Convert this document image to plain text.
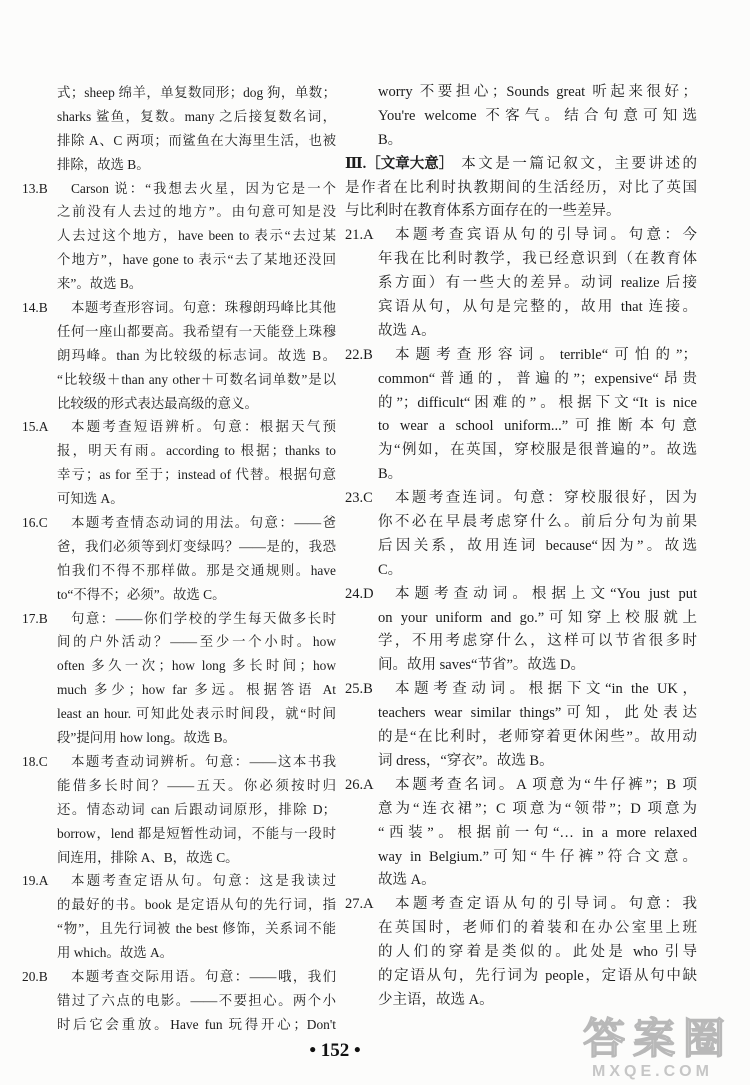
式；sheep 绵羊，单复数同形；dog 狗，单数；
sharks 鲨鱼，复数。many 之后接复数名词，
排除 A、C 两项；而鲨鱼在大海里生活，也被
排除，故选 B。
13.B	Carson 说：“我想去火星，因为它是一个
之前没有人去过的地方”。由句意可知是没
人去过这个地方，have been to 表示“去过某
个地方”，have gone to 表示“去了某地还没回
来”。故选 B。
14.B	本题考查形容词。句意：珠穆朗玛峰比其他
任何一座山都要高。我希望有一天能登上珠穆
朗玛峰。than 为比较级的标志词。故选 B。
“比较级＋than any other＋可数名词单数”是以
比较级的形式表达最高级的意义。
15.A	本题考查短语辨析。句意：根据天气预
报，明天有雨。according to 根据；thanks to
幸亏；as for 至于；instead of 代替。根据句意
可知选 A。
16.C	本题考查情态动词的用法。句意：——爸
爸，我们必须等到灯变绿吗？——是的，我恐
怕我们不得不那样做。那是交通规则。have
to“不得不；必须”。故选 C。
17.B	句意：——你们学校的学生每天做多长时
间的户外活动？——至少一个小时。how
often 多久一次；how long 多长时间；how
much 多少；how far 多远。根据答语 At
least an hour. 可知此处表示时间段，就“时间
段”提问用 how long。故选 B。
18.C	本题考查动词辨析。句意：——这本书我
能借多长时间？——五天。你必须按时归
还。情态动词 can 后跟动词原形，排除 D；
borrow，lend 都是短暂性动词，不能与一段时
间连用，排除 A、B，故选 C。
19.A	本题考查定语从句。句意：这是我读过
的最好的书。book 是定语从句的先行词，指
“物”，且先行词被 the best 修饰，关系词不能
用 which。故选 A。
20.B	本题考查交际用语。句意：——哦，我们
错过了六点的电影。——不要担心。两个小
时后它会重放。Have fun 玩得开心；Don't
worry 不要担心；Sounds great 听起来很好；
You're welcome 不客气。结合句意可知选
B。
Ⅲ. ［文章大意］ 本文是一篇记叙文，主要讲述的
是作者在比利时执教期间的生活经历，对比了英国
与比利时在教育体系方面存在的一些差异。
21.A	本题考查宾语从句的引导词。句意：今
年我在比利时教学，我已经意识到（在教育体
系方面）有一些大的差异。动词 realize 后接
宾语从句，从句是完整的，故用 that 连接。
故选 A。
22.B	本题考查形容词。terrible“可怕的”；
common“普通的，普遍的”；expensive“昂贵
的”；difficult“困难的”。根据下文“It is nice
to wear a school uniform...”可推断本句意
为“例如，在英国，穿校服是很普遍的”。故选
B。
23.C	本题考查连词。句意：穿校服很好，因为
你不必在早晨考虑穿什么。前后分句为前果
后因关系，故用连词 because“因为”。故选
C。
24.D	本题考查动词。根据上文“You just put
on your uniform and go.”可知穿上校服就上
学，不用考虑穿什么，这样可以节省很多时
间。故用 saves“节省”。故选 D。
25.B	本题考查动词。根据下文“in the UK，
teachers wear similar things”可知，此处表达
的是“在比利时，老师穿着更休闲些”。故用动
词 dress，“穿衣”。故选 B。
26.A	本题考查名词。A 项意为“牛仔裤”；B 项
意为“连衣裙”；C 项意为“领带”；D 项意为
“西装”。根据前一句“… in a more relaxed
way in Belgium.”可知“牛仔裤”符合文意。
故选 A。
27.A	本题考查定语从句的引导词。句意：我
在英国时，老师们的着装和在办公室里上班
的人们的穿着是类似的。此处是 who 引导
的定语从句，先行词为 people，定语从句中缺
少主语，故选 A。
• 152 •	答案圈
MXQE.COM
